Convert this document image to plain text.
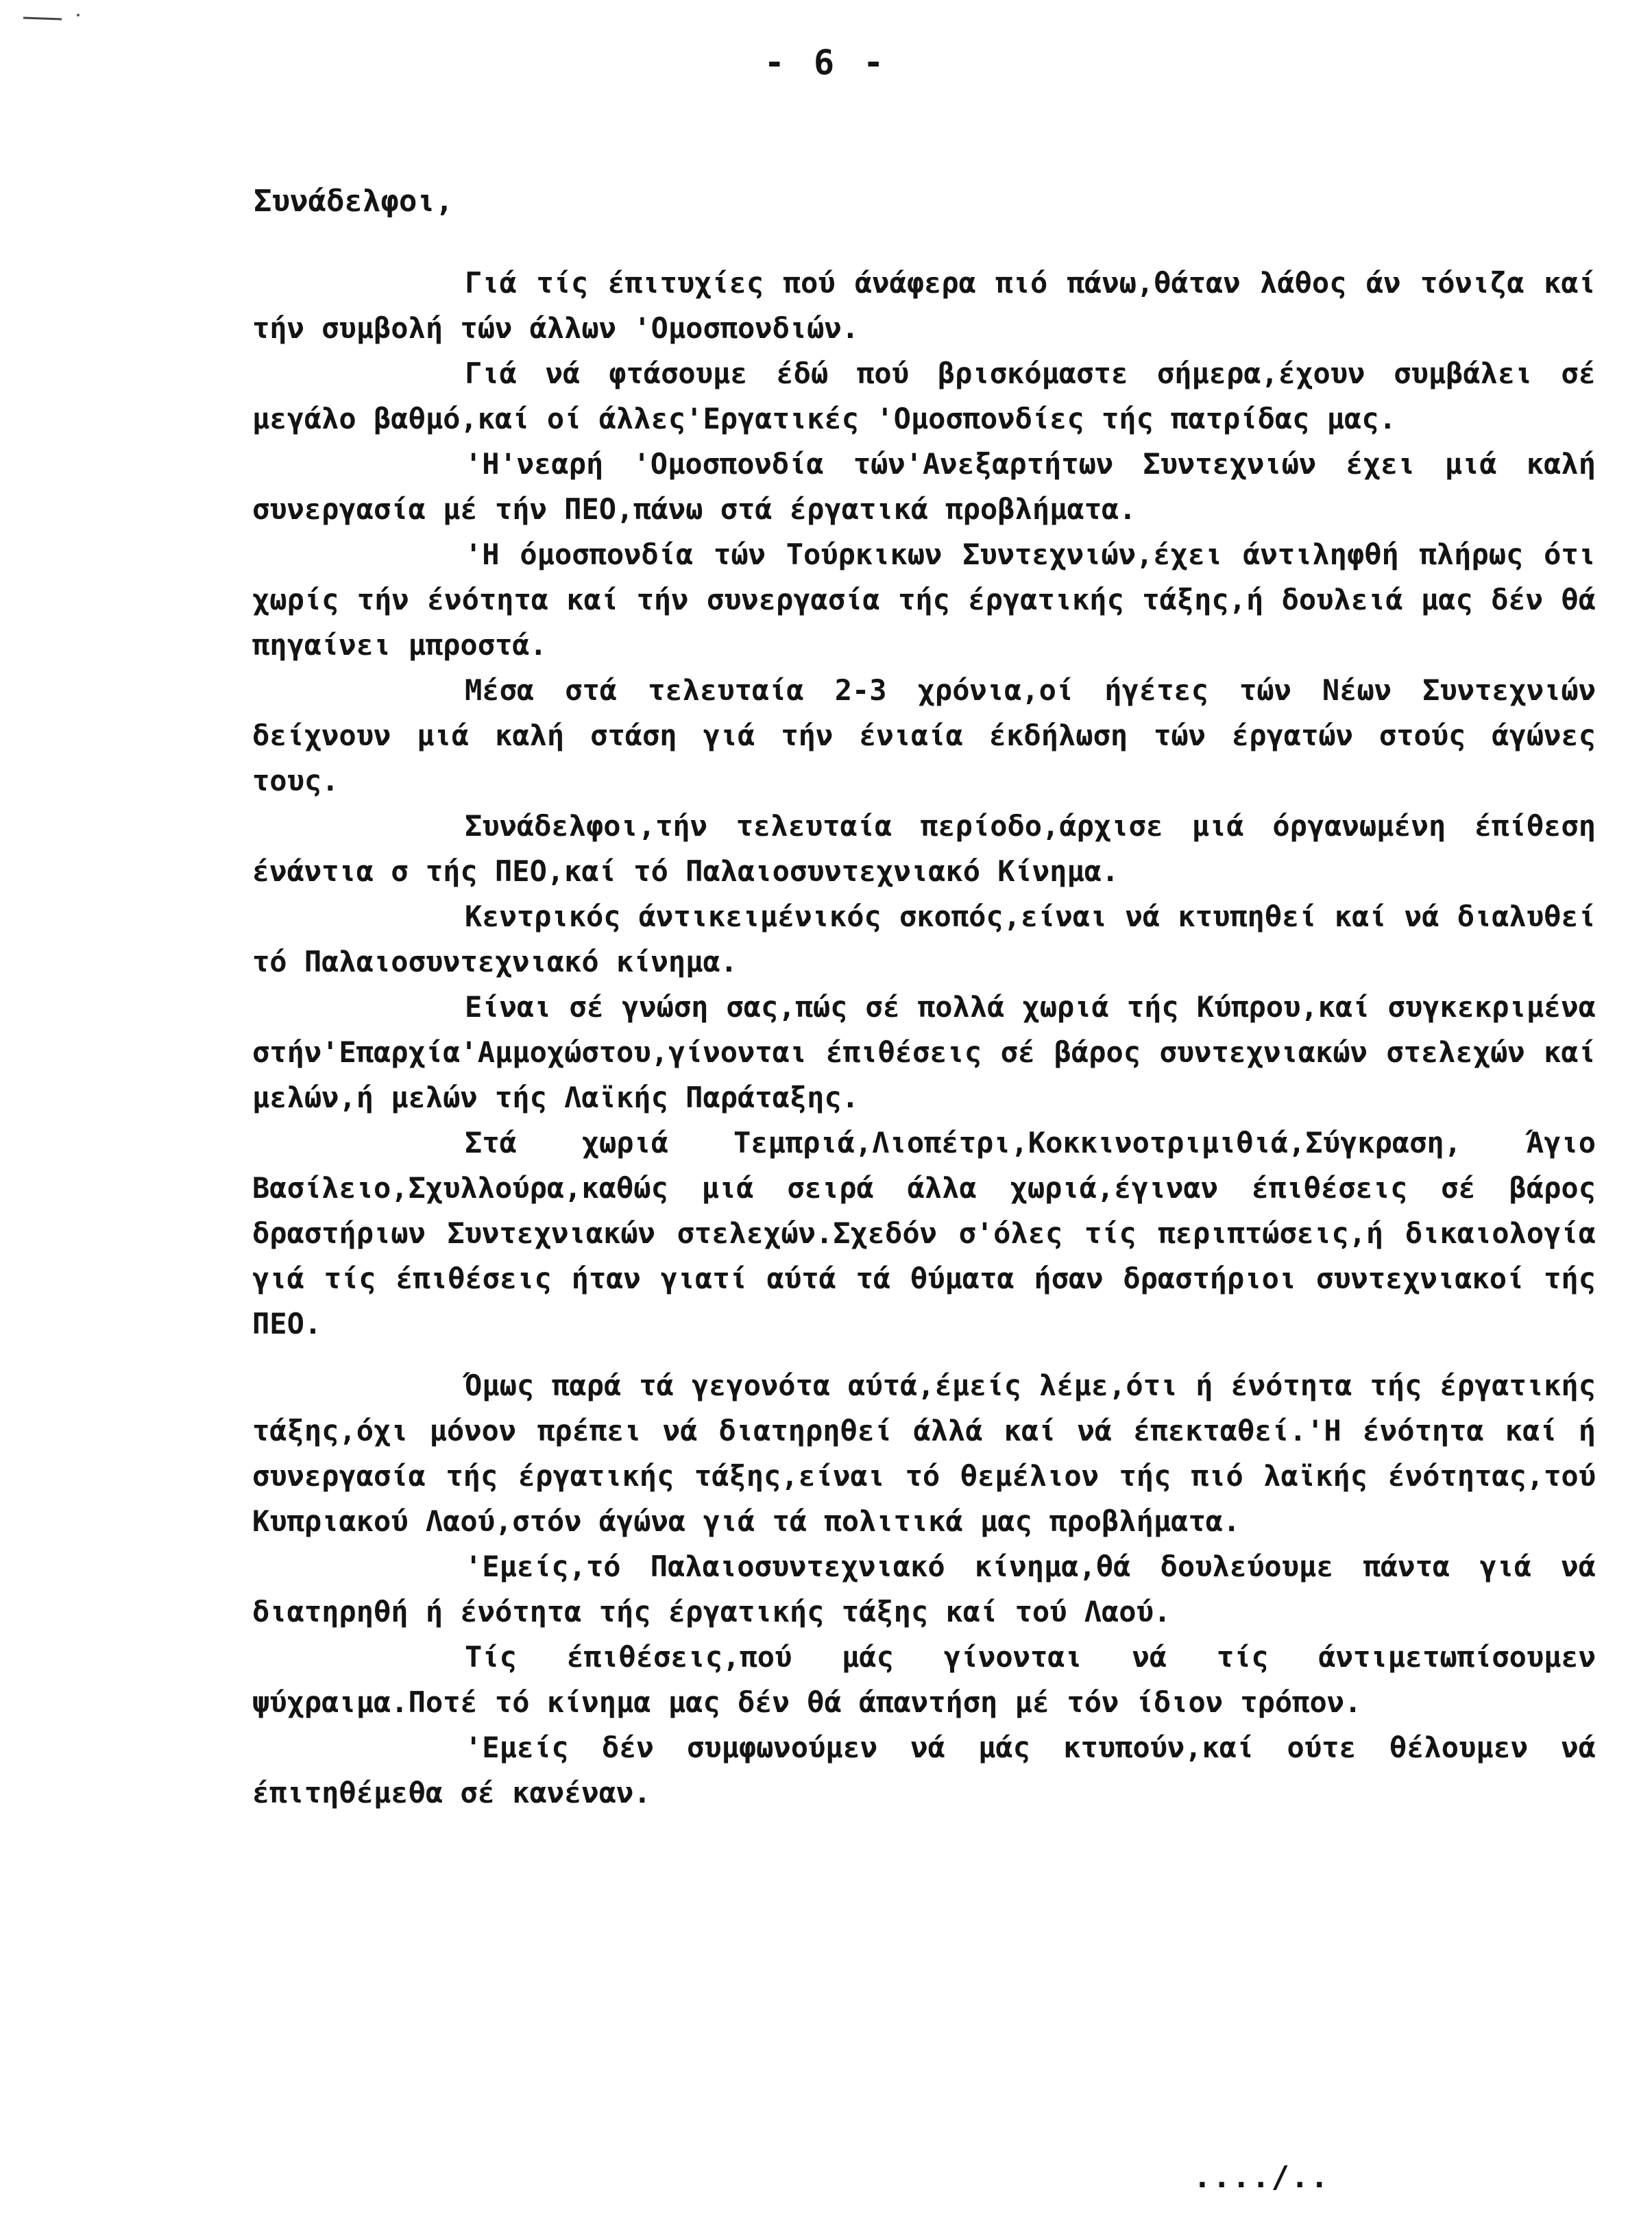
- 6 -
Συνάδελφοι,

Γιά τίς έπιτυχίες πού άνάφερα πιό πάνω,θάταν λάθος άν τόνιζα καί τήν συμβολή τών άλλων 'Ομοσπονδιών.

Γιά νά φτάσουμε έδώ πού βρισκόμαστε σήμερα,έχουν συμβάλει σέ μεγάλο βαθμό,καί οί άλλες'Εργατικές 'Ομοσπονδίες τής πατρίδας μας.

'Η'νεαρή 'Ομοσπονδία τών'Ανεξαρτήτων Συντεχνιών έχει μιά καλή συνεργασία μέ τήν ΠΕΟ,πάνω στά έργατικά προβλήματα.

'Η όμοσπονδία τών Τούρκικων Συντεχνιών,έχει άντιληφθή πλήρως ότι χωρίς τήν ένότητα καί τήν συνεργασία τής έργατικής τάξης,ή δουλειά μας δέν θά πηγαίνει μπροστά.

Μέσα στά τελευταία 2-3 χρόνια,οί ήγέτες τών Νέων Συντεχνιών δείχνουν μιά καλή στάση γιά τήν ένιαία έκδήλωση τών έργατών στούς άγώνες τους.

Συνάδελφοι,τήν τελευταία περίοδο,άρχισε μιά όργανωμένη έπίθεση ένάντια σ τής ΠΕΟ,καί τό Παλαιοσυντεχνιακό Κίνημα.

Κεντρικός άντικειμένικός σκοπός,είναι νά κτυπηθεί καί νά διαλυθεί τό Παλαιοσυντεχνιακό κίνημα.

Είναι σέ γνώση σας,πώς σέ πολλά χωριά τής Κύπρου,καί συγκεκριμένα στήν'Επαρχία'Αμμοχώστου,γίνονται έπιθέσεις σέ βάρος συντεχνιακών στελεχών καί μελών,ή μελών τής Λαϊκής Παράταξης.

Στά χωριά Τεμπριά,Λιοπέτρι,Κοκκινοτριμιθιά,Σύγκραση, Άγιο Βασίλειο,Σχυλλούρα,καθώς μιά σειρά άλλα χωριά,έγιναν έπιθέσεις σέ βάρος δραστήριων Συντεχνιακών στελεχών.Σχεδόν σ'όλες τίς περιπτώσεις,ή δικαιολογία γιά τίς έπιθέσεις ήταν γιατί αύτά τά θύματα ήσαν δραστήριοι συντεχνιακοί τής ΠΕΟ.

Όμως παρά τά γεγονότα αύτά,έμείς λέμε,ότι ή ένότητα τής έργατικής τάξης,όχι μόνον πρέπει νά διατηρηθεί άλλά καί νά έπεκταθεί.'Η ένότητα καί ή συνεργασία τής έργατικής τάξης,είναι τό θεμέλιον τής πιό λαϊκής ένότητας,τού Κυπριακού Λαού,στόν άγώνα γιά τά πολιτικά μας προβλήματα.

'Εμείς,τό Παλαιοσυντεχνιακό κίνημα,θά δουλεύουμε πάντα γιά νά διατηρηθή ή ένότητα τής έργατικής τάξης καί τού Λαού.

Τίς έπιθέσεις,πού μάς γίνονται νά τίς άντιμετωπίσουμεν ψύχραιμα.Ποτέ τό κίνημα μας δέν θά άπαντήση μέ τόν ίδιον τρόπον.

'Εμείς δέν συμφωνούμεν νά μάς κτυπούν,καί ούτε θέλουμεν νά έπιτηθέμεθα σέ κανέναν.

..../..
